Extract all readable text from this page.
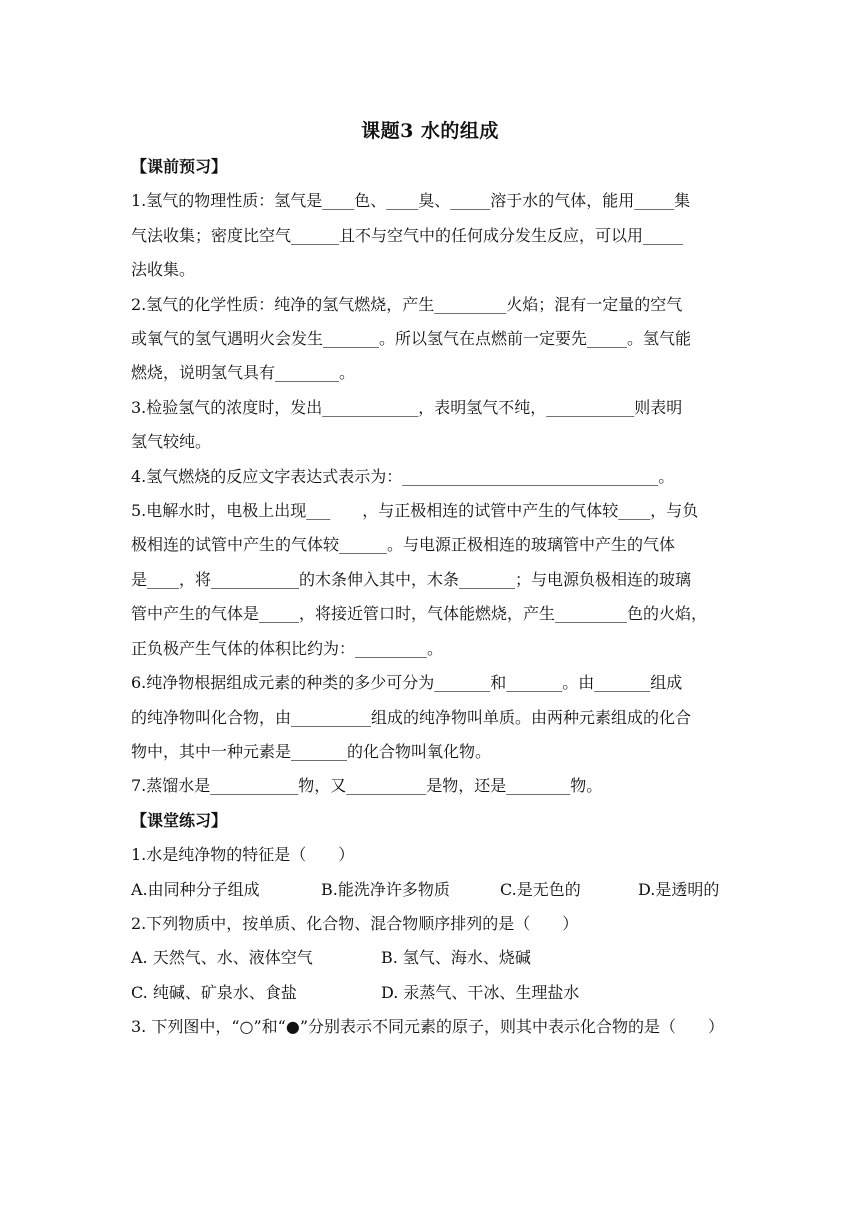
课题3 水的组成

【课前预习】

1.氢气的物理性质：氢气是____色、____臭、_____溶于水的气体，能用_____集

气法收集；密度比空气______且不与空气中的任何成分发生反应，可以用_____

法收集。

2.氢气的化学性质：纯净的氢气燃烧，产生_________火焰；混有一定量的空气

或氧气的氢气遇明火会发生_______。所以氢气在点燃前一定要先_____。氢气能

燃烧，说明氢气具有________。

3.检验氢气的浓度时，发出____________，表明氢气不纯，___________则表明

氢气较纯。

4.氢气燃烧的反应文字表达式表示为：________________________________。

5.电解水时，电极上出现___　　，与正极相连的试管中产生的气体较____，与负

极相连的试管中产生的气体较______。与电源正极相连的玻璃管中产生的气体

是____，将___________的木条伸入其中，木条_______；与电源负极相连的玻璃

管中产生的气体是_____，将接近管口时，气体能燃烧，产生_________色的火焰，

正负极产生气体的体积比约为：_________。

6.纯净物根据组成元素的种类的多少可分为_______和_______。由_______组成

的纯净物叫化合物，由__________组成的纯净物叫单质。由两种元素组成的化合

物中，其中一种元素是_______的化合物叫氧化物。

7.蒸馏水是___________物，又__________是物，还是________物。

【课堂练习】

1.水是纯净物的特征是（　　）

A.由同种分子组成	B.能洗净许多物质	C.是无色的	D.是透明的

2.下列物质中，按单质、化合物、混合物顺序排列的是（　　）

A. 天然气、水、液体空气	B. 氢气、海水、烧碱
C. 纯碱、矿泉水、食盐	D. 汞蒸气、干冰、生理盐水

3. 下列图中，“○”和“●”分别表示不同元素的原子，则其中表示化合物的是（　　）
